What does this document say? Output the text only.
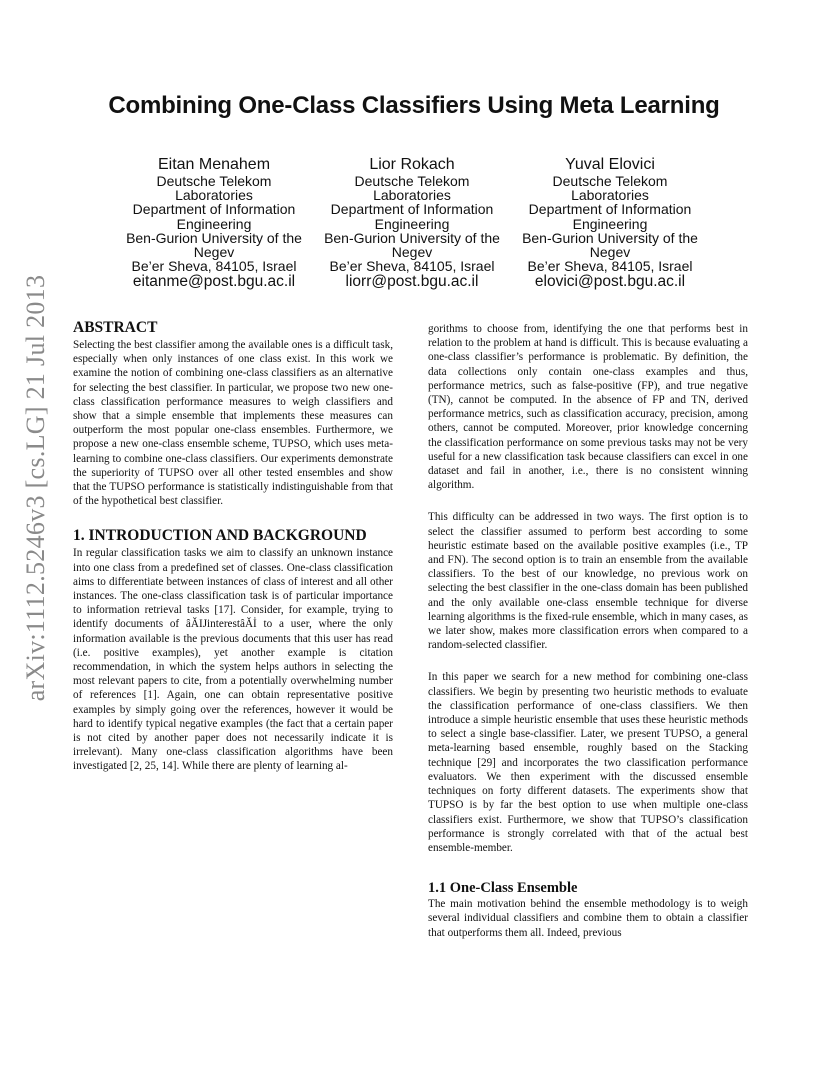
Combining One-Class Classifiers Using Meta Learning
Eitan Menahem
Deutsche Telekom
Laboratories
Department of Information
Engineering
Ben-Gurion University of the
Negev
Be’er Sheva, 84105, Israel
eitanme@post.bgu.ac.il
Lior Rokach
Deutsche Telekom
Laboratories
Department of Information
Engineering
Ben-Gurion University of the
Negev
Be’er Sheva, 84105, Israel
liorr@post.bgu.ac.il
Yuval Elovici
Deutsche Telekom
Laboratories
Department of Information
Engineering
Ben-Gurion University of the
Negev
Be’er Sheva, 84105, Israel
elovici@post.bgu.ac.il
arXiv:1112.5246v3 [cs.LG] 21 Jul 2013 ABSTRACT

Selecting the best classifier among the available ones is a difficult task, especially when only instances of one class exist. In this work we examine the notion of combining one-class classifiers as an alternative for selecting the best classifier. In particular, we propose two new one-class classification performance measures to weigh classifiers and show that a simple ensemble that implements these measures can outperform the most popular one-class ensembles. Furthermore, we propose a new one-class ensemble scheme, TUPSO, which uses meta-learning to combine one-class classifiers. Our experiments demonstrate the superiority of TUPSO over all other tested ensembles and show that the TUPSO performance is statistically indistinguishable from that of the hypothetical best classifier.

1. INTRODUCTION AND BACKGROUND

In regular classification tasks we aim to classify an unknown instance into one class from a predefined set of classes. One-class classification aims to differentiate between instances of class of interest and all other instances. The one-class classification task is of particular importance to information retrieval tasks [17]. Consider, for example, trying to identify documents of âĂIJinterestâĂİ to a user, where the only information available is the previous documents that this user has read (i.e. positive examples), yet another example is citation recommendation, in which the system helps authors in selecting the most relevant papers to cite, from a potentially overwhelming number of references [1]. Again, one can obtain representative positive examples by simply going over the references, however it would be hard to identify typical negative examples (the fact that a certain paper is not cited by another paper does not necessarily indicate it is irrelevant). Many one-class classification algorithms have been investigated [2, 25, 14]. While there are plenty of learning al-

gorithms to choose from, identifying the one that performs best in relation to the problem at hand is difficult. This is because evaluating a one-class classifier’s performance is problematic. By definition, the data collections only contain one-class examples and thus, performance metrics, such as false-positive (FP), and true negative (TN), cannot be computed. In the absence of FP and TN, derived performance metrics, such as classification accuracy, precision, among others, cannot be computed. Moreover, prior knowledge concerning the classification performance on some previous tasks may not be very useful for a new classification task because classifiers can excel in one dataset and fail in another, i.e., there is no consistent winning algorithm.

This difficulty can be addressed in two ways. The first option is to select the classifier assumed to perform best according to some heuristic estimate based on the available positive examples (i.e., TP and FN). The second option is to train an ensemble from the available classifiers. To the best of our knowledge, no previous work on selecting the best classifier in the one-class domain has been published and the only available one-class ensemble technique for diverse learning algorithms is the fixed-rule ensemble, which in many cases, as we later show, makes more classification errors when compared to a random-selected classifier.

In this paper we search for a new method for combining one-class classifiers. We begin by presenting two heuristic methods to evaluate the classification performance of one-class classifiers. We then introduce a simple heuristic ensemble that uses these heuristic methods to select a single base-classifier. Later, we present TUPSO, a general meta-learning based ensemble, roughly based on the Stacking technique [29] and incorporates the two classification performance evaluators. We then experiment with the discussed ensemble techniques on forty different datasets. The experiments show that TUPSO is by far the best option to use when multiple one-class classifiers exist. Furthermore, we show that TUPSO’s classification performance is strongly correlated with that of the actual best ensemble-member.

1.1 One-Class Ensemble

The main motivation behind the ensemble methodology is to weigh several individual classifiers and combine them to obtain a classifier that outperforms them all. Indeed, previous
